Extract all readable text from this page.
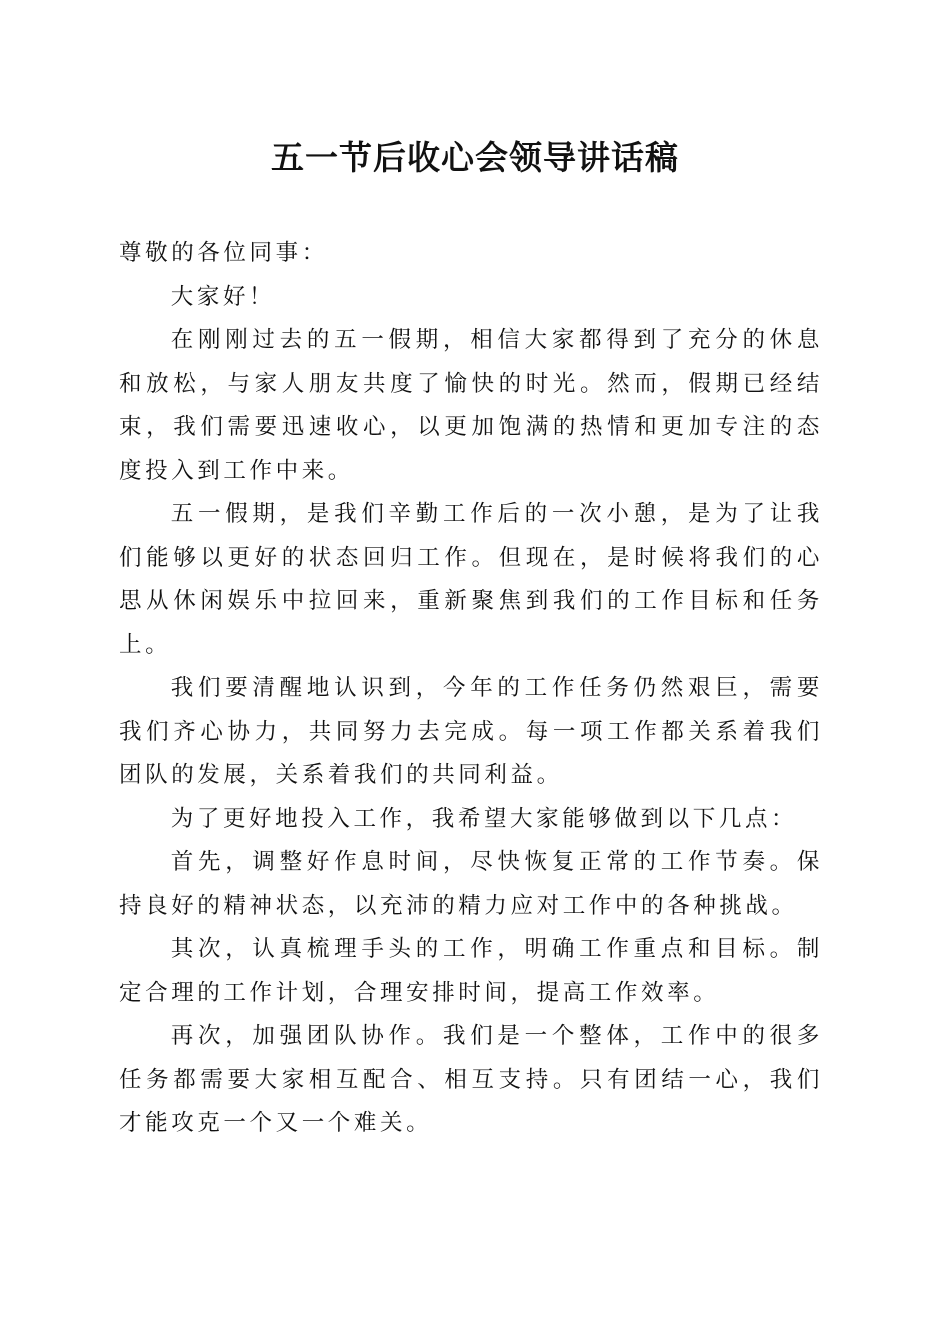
五一节后收心会领导讲话稿

尊敬的各位同事：

大家好！

在刚刚过去的五一假期，相信大家都得到了充分的休息和放松，与家人朋友共度了愉快的时光。然而，假期已经结束，我们需要迅速收心，以更加饱满的热情和更加专注的态度投入到工作中来。

五一假期，是我们辛勤工作后的一次小憩，是为了让我们能够以更好的状态回归工作。但现在，是时候将我们的心思从休闲娱乐中拉回来，重新聚焦到我们的工作目标和任务上。

我们要清醒地认识到，今年的工作任务仍然艰巨，需要我们齐心协力，共同努力去完成。每一项工作都关系着我们团队的发展，关系着我们的共同利益。

为了更好地投入工作，我希望大家能够做到以下几点：

首先，调整好作息时间，尽快恢复正常的工作节奏。保持良好的精神状态，以充沛的精力应对工作中的各种挑战。

其次，认真梳理手头的工作，明确工作重点和目标。制定合理的工作计划，合理安排时间，提高工作效率。

再次，加强团队协作。我们是一个整体，工作中的很多任务都需要大家相互配合、相互支持。只有团结一心，我们才能攻克一个又一个难关。
